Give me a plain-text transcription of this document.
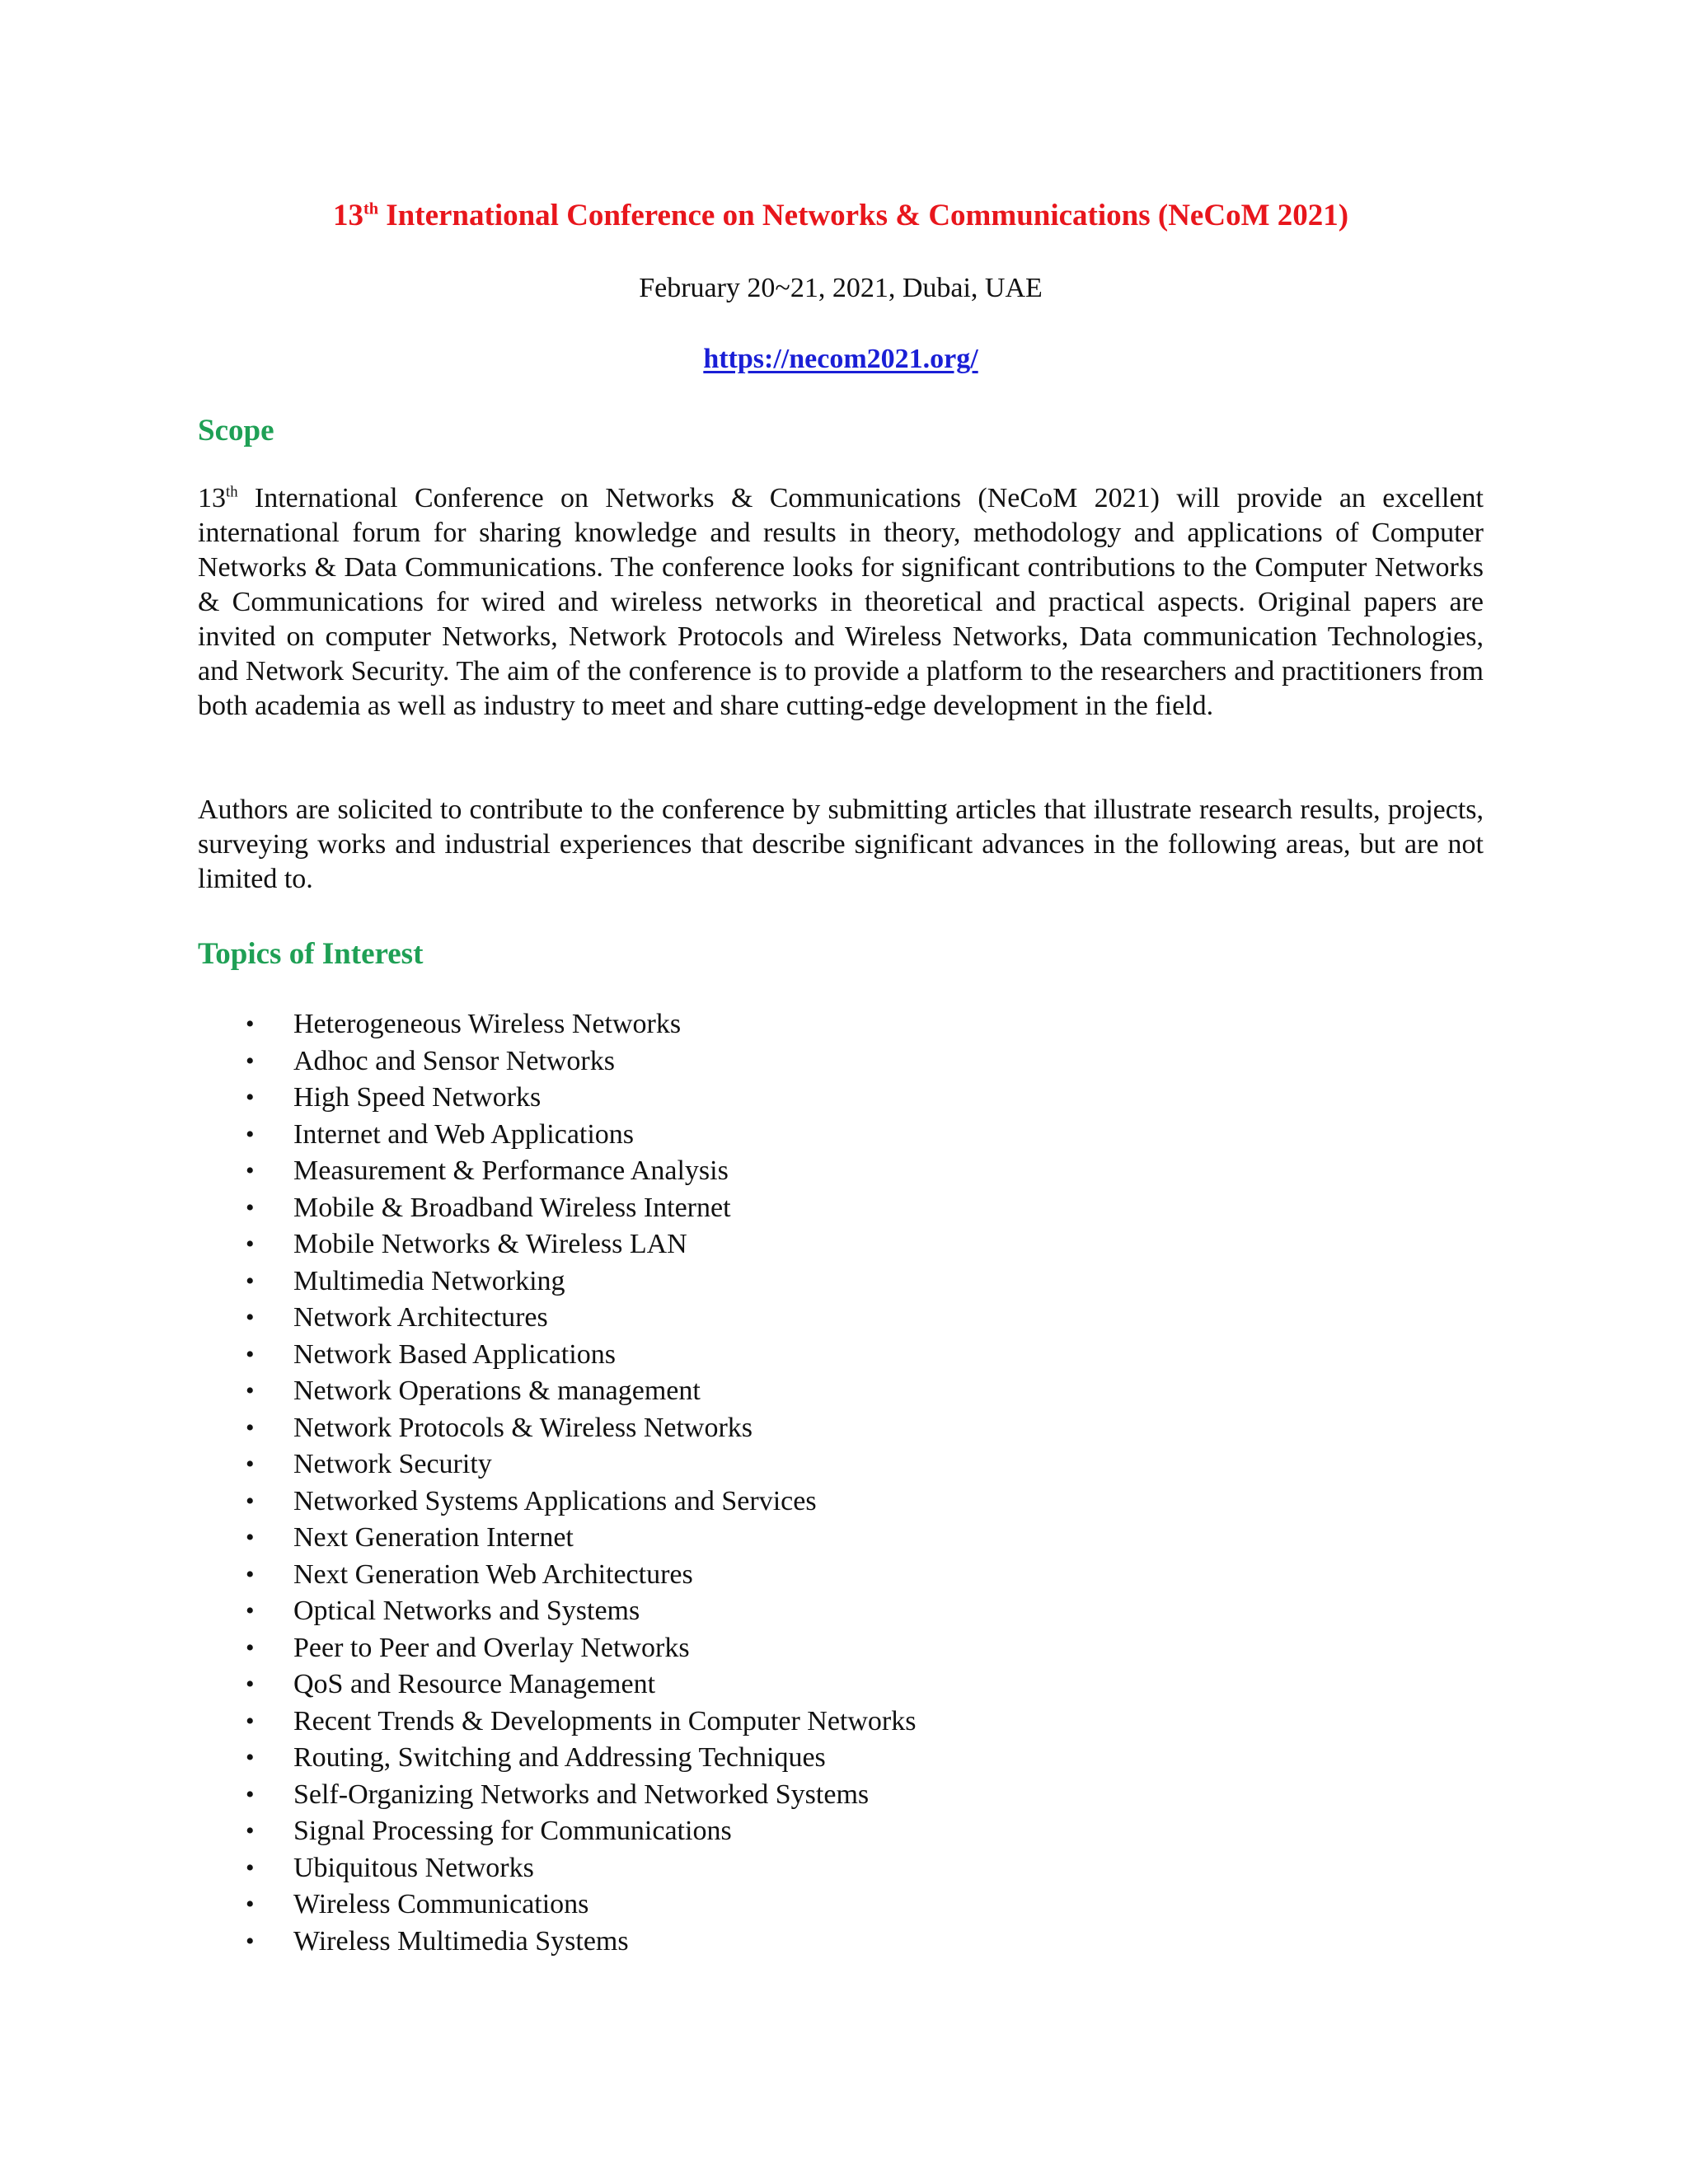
13th International Conference on Networks & Communications (NeCoM 2021)

February 20~21, 2021, Dubai, UAE

https://necom2021.org/

Scope

13th International Conference on Networks & Communications (NeCoM 2021) will provide an excellent international forum for sharing knowledge and results in theory, methodology and applications of Computer Networks & Data Communications. The conference looks for significant contributions to the Computer Networks & Communications for wired and wireless networks in theoretical and practical aspects. Original papers are invited on computer Networks, Network Protocols and Wireless Networks, Data communication Technologies, and Network Security. The aim of the conference is to provide a platform to the researchers and practitioners from both academia as well as industry to meet and share cutting-edge development in the field.

Authors are solicited to contribute to the conference by submitting articles that illustrate research results, projects, surveying works and industrial experiences that describe significant advances in the following areas, but are not limited to.

Topics of Interest
• Heterogeneous Wireless Networks
• Adhoc and Sensor Networks
• High Speed Networks
• Internet and Web Applications
• Measurement & Performance Analysis
• Mobile & Broadband Wireless Internet
• Mobile Networks & Wireless LAN
• Multimedia Networking
• Network Architectures
• Network Based Applications
• Network Operations & management
• Network Protocols & Wireless Networks
• Network Security
• Networked Systems Applications and Services
• Next Generation Internet
• Next Generation Web Architectures
• Optical Networks and Systems
• Peer to Peer and Overlay Networks
• QoS and Resource Management
• Recent Trends & Developments in Computer Networks
• Routing, Switching and Addressing Techniques
• Self-Organizing Networks and Networked Systems
• Signal Processing for Communications
• Ubiquitous Networks
• Wireless Communications
• Wireless Multimedia Systems
